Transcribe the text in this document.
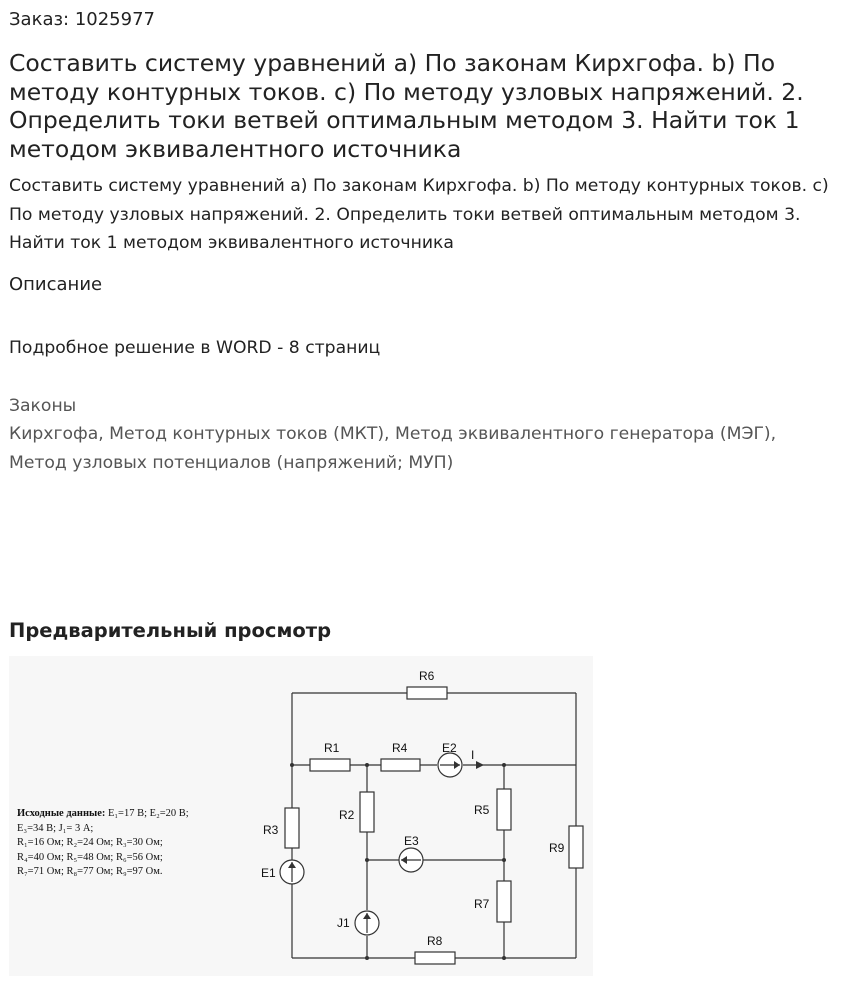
Заказ: 1025977
Составить систему уравнений а) По законам Кирхгофа. b) По методу контурных токов. с) По методу узловых напряжений. 2. Определить токи ветвей оптимальным методом 3. Найти ток 1 методом эквивалентного источника
Составить систему уравнений а) По законам Кирхгофа. b) По методу контурных токов. с) По методу узловых напряжений. 2. Определить токи ветвей оптимальным методом 3. Найти ток 1 методом эквивалентного источника
Описание
Подробное решение в WORD - 8 страниц
Законы
Кирхгофа, Метод контурных токов (МКТ), Метод эквивалентного генератора (МЭГ), Метод узловых потенциалов (напряжений; МУП)
Предварительный просмотр
Исходные данные: E₁=17 В; E₂=20 В;
E₃=34 В; J₁= 3 А;
R₁=16 Ом; R₂=24 Ом; R₃=30 Ом;
R₄=40 Ом; R₅=48 Ом; R₆=56 Ом;
R₇=71 Ом; R₈=77 Ом; R₉=97 Ом.
R6
R1	R4	E2 I
R2
R3
E1
E3
R5
R7
R9
J1
R8
